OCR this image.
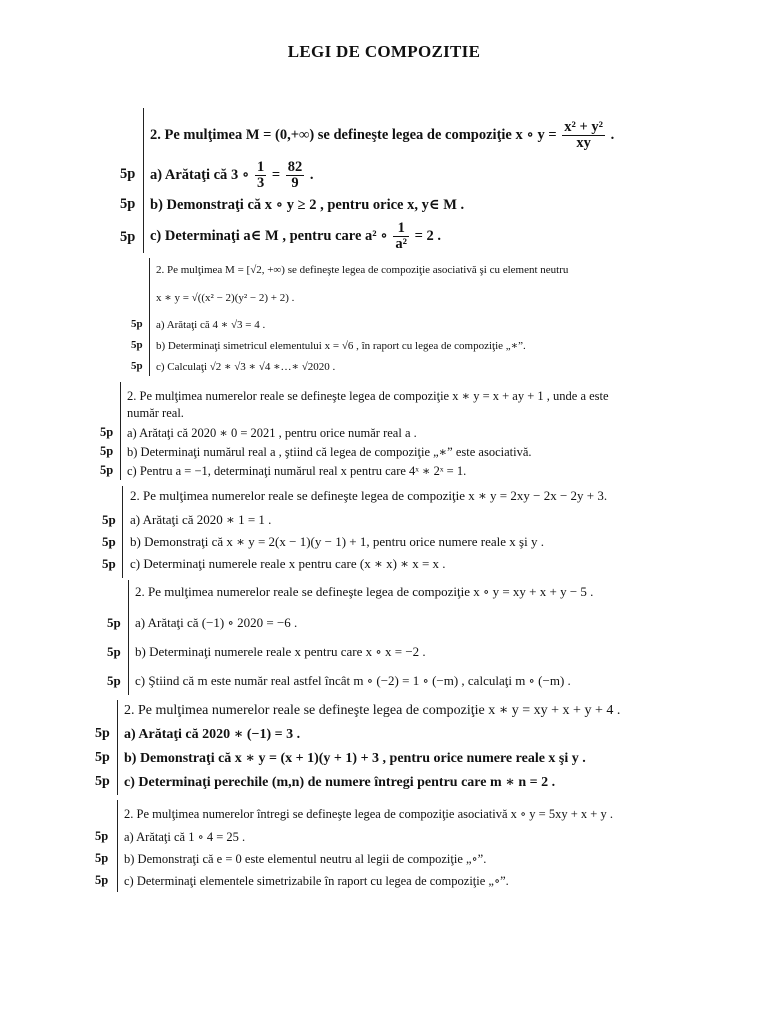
LEGI DE COMPOZITIE
2. Pe mulţimea M = (0,+∞) se defineşte legea de compoziţie x ∘ $y = \frac{\text{x² + y²}}{xy}$ .
5p a) Arătaţi că 3 ∘ $\frac{1}{3} = \frac{82}{9}$ .
5p b) Demonstraţi că x ∘ y ≥ 2 , pentru orice x, y∈ M .
5p c) Determinaţi a∈ M , pentru care a² ∘ $\frac{1}{\text{a²}} = 2$ .
2. Pe mulţimea M = [√2, +∞) se defineşte legea de compoziţie asociativă şi cu element neutru
x ∗ y = √((x² − 2)(y² − 2) + 2) .
5p a) Arătaţi că 4 ∗ √3 = 4 .
5p b) Determinaţi simetricul elementului x = √6 , în raport cu legea de compoziţie „∗”.
5p c) Calculaţi √2 ∗ √3 ∗ √4 ∗…∗ √2020 .
2. Pe mulţimea numerelor reale se defineşte legea de compoziţie x ∗ y = x + ay + 1 , unde a este
număr real.
5p a) Arătaţi că 2020 ∗ 0 = 2021 , pentru orice număr real a .
5p b) Determinaţi numărul real a , ştiind că legea de compoziţie „∗” este asociativă.
5p c) Pentru a = −1, determinaţi numărul real x pentru care 4ˣ ∗ 2ˣ = 1.
2. Pe mulţimea numerelor reale se defineşte legea de compoziţie x ∗ y = 2xy − 2x − 2y + 3.
5p a) Arătaţi că 2020 ∗ 1 = 1 .
5p b) Demonstraţi că x ∗ y = 2(x − 1)(y − 1) + 1, pentru orice numere reale x şi y .
5p c) Determinaţi numerele reale x pentru care (x ∗ x) ∗ x = x .
2. Pe mulţimea numerelor reale se defineşte legea de compoziţie x ∘ y = xy + x + y − 5 .
5p a) Arătaţi că (−1) ∘ 2020 = −6 .
5p b) Determinaţi numerele reale x pentru care x ∘ x = −2 .
5p c) Ştiind că m este număr real astfel încât m ∘ (−2) = 1 ∘ (−m) , calculaţi m ∘ (−m) .
2. Pe mulţimea numerelor reale se defineşte legea de compoziţie x ∗ y = xy + x + y + 4 .
5p a) Arătaţi că 2020 ∗ (−1) = 3 .
5p b) Demonstraţi că x ∗ y = (x + 1)(y + 1) + 3 , pentru orice numere reale x şi y .
5p c) Determinaţi perechile (m,n) de numere întregi pentru care m ∗ n = 2 .
2. Pe mulţimea numerelor întregi se defineşte legea de compoziţie asociativă x ∘ y = 5xy + x + y .
5p a) Arătaţi că 1 ∘ 4 = 25 .
5p b) Demonstraţi că e = 0 este elementul neutru al legii de compoziţie „∘”.
5p c) Determinaţi elementele simetrizabile în raport cu legea de compoziţie „∘”.
